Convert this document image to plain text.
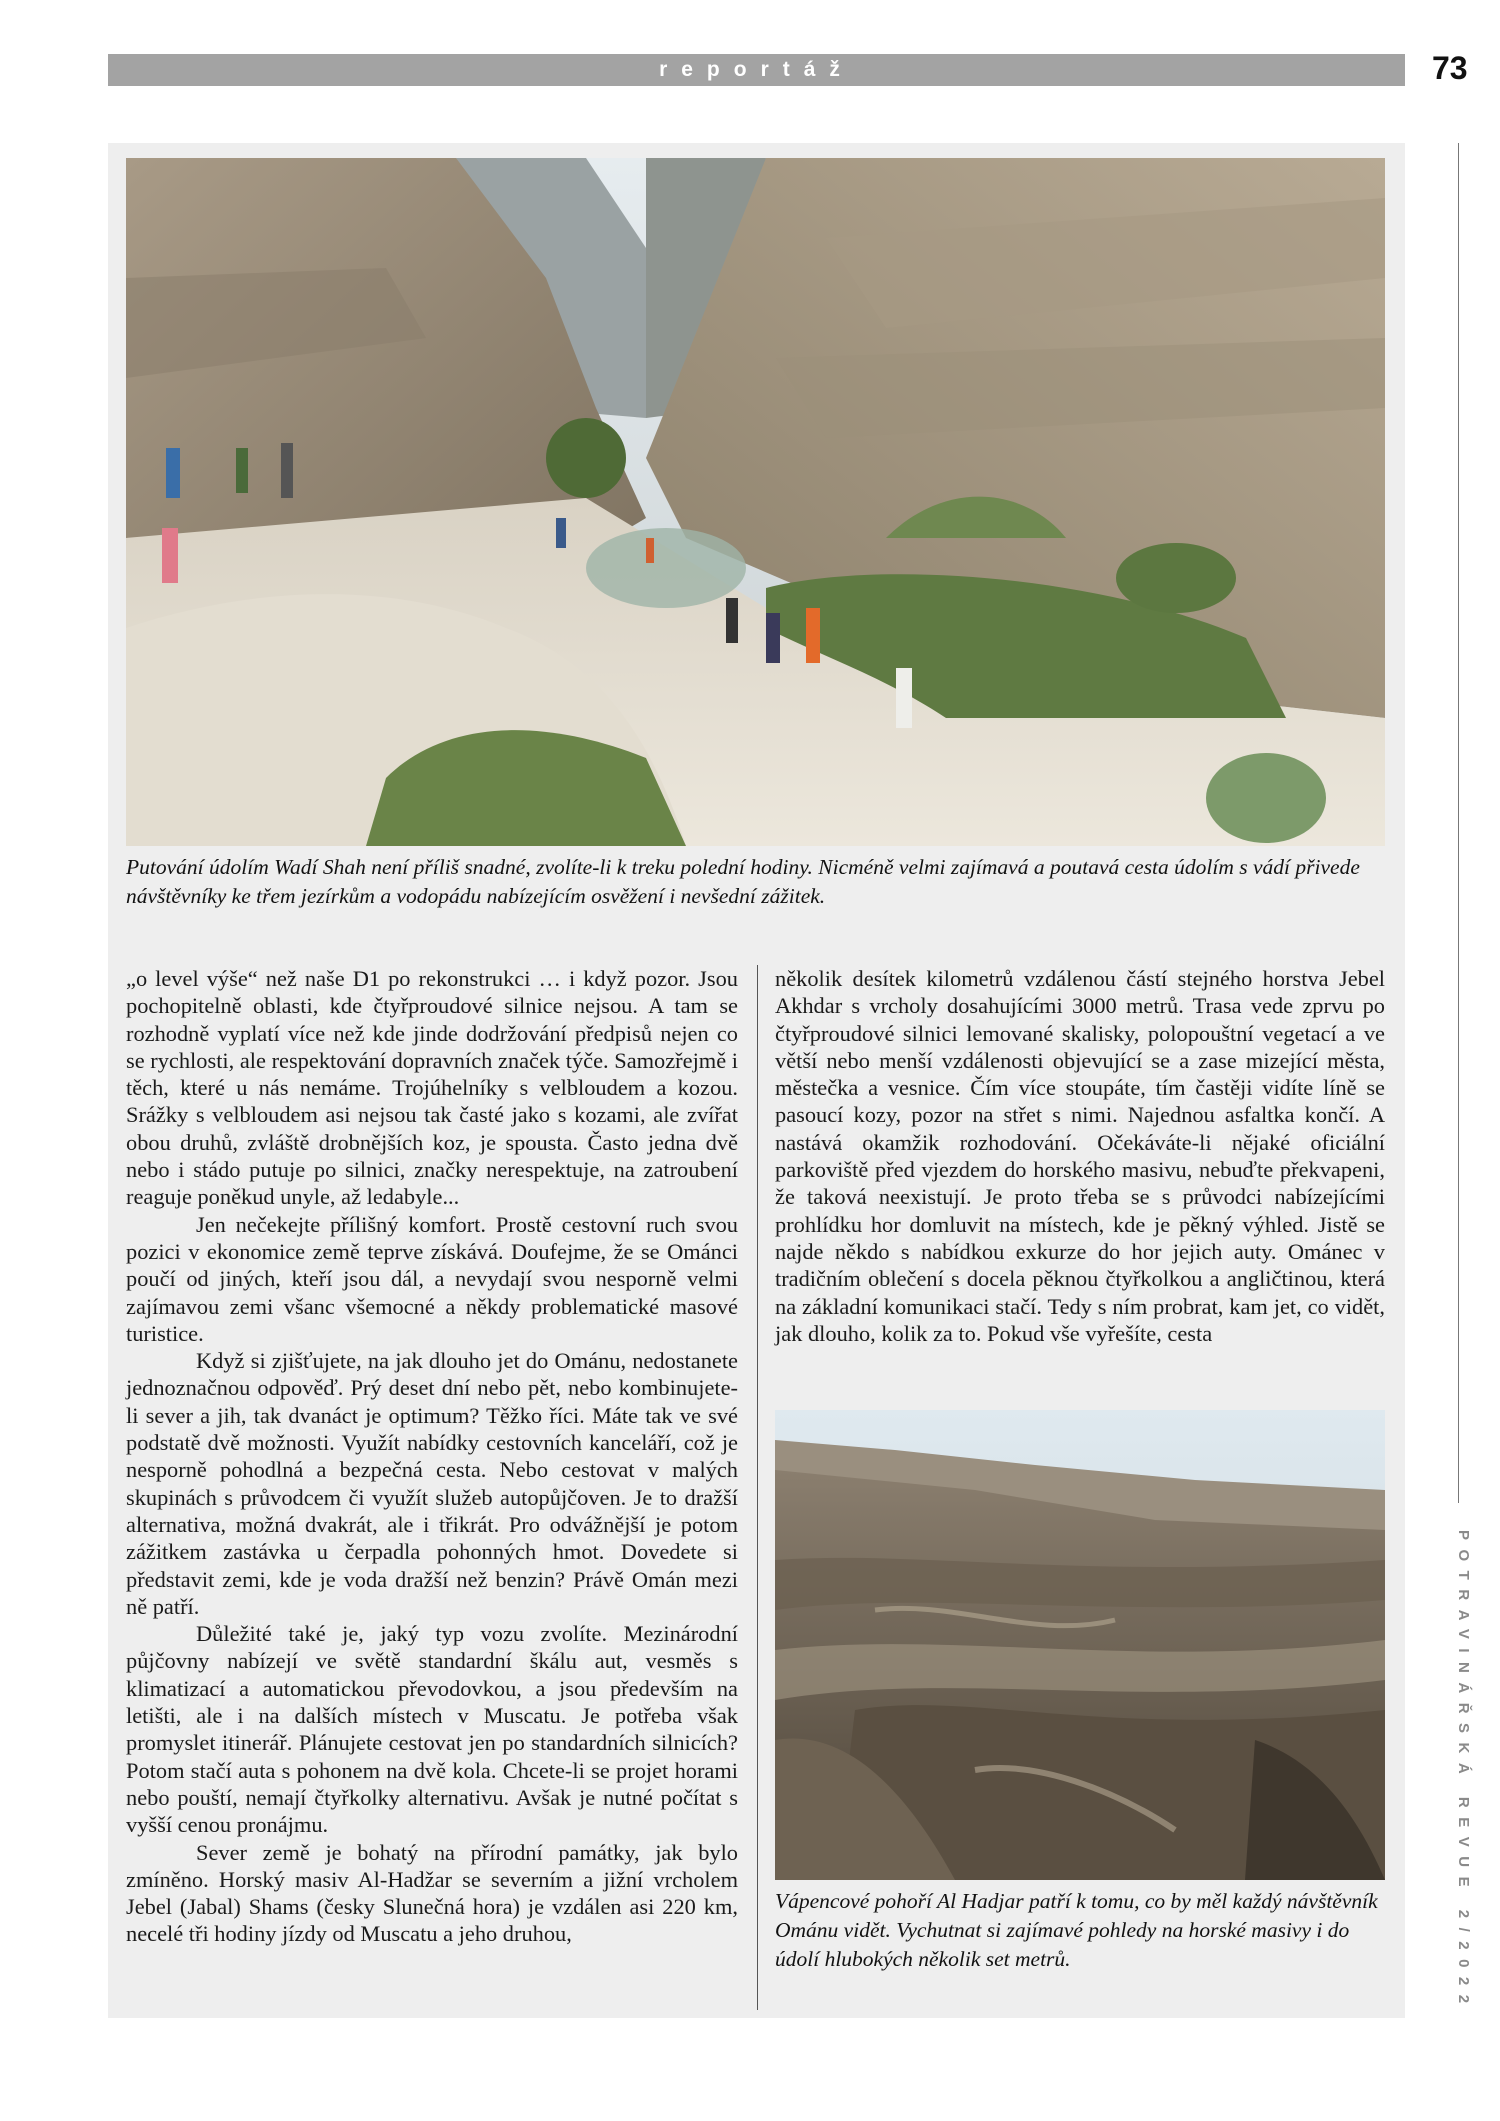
reportáž	73
POTRAVINÁŘSKÁ REVUE 2/2022
Putování údolím Wadí Shah není příliš snadné, zvolíte-li k treku polední hodiny. Nicméně velmi zajímavá a poutavá cesta údolím s vádí přivede návštěvníky ke třem jezírkům a vodopádu nabízejícím osvěžení i nevšední zážitek.

„o level výše“ než naše D1 po rekonstrukci … i když pozor. Jsou pochopitelně oblasti, kde čtyřproudové silnice nejsou. A tam se rozhodně vyplatí více než kde jinde dodržování předpisů nejen co se rychlosti, ale respektování dopravních značek týče. Samozřejmě i těch, které u nás nemáme. Trojúhelníky s velbloudem a kozou. Srážky s velbloudem asi nejsou tak časté jako s kozami, ale zvířat obou druhů, zvláště drobnějších koz, je spousta. Často jedna dvě nebo i stádo putuje po silnici, značky nerespektuje, na zatroubení reaguje poněkud unyle, až ledabyle...

Jen nečekejte přílišný komfort. Prostě cestovní ruch svou pozici v ekonomice země teprve získává. Doufejme, že se Ománci poučí od jiných, kteří jsou dál, a nevydají svou nesporně velmi zajímavou zemi všanc všemocné a někdy problematické masové turistice.

Když si zjišťujete, na jak dlouho jet do Ománu, nedostanete jednoznačnou odpověď. Prý deset dní nebo pět, nebo kombinujete-li sever a jih, tak dvanáct je optimum? Těžko říci. Máte tak ve své podstatě dvě možnosti. Využít nabídky cestovních kanceláří, což je nesporně pohodlná a bezpečná cesta. Nebo cestovat v malých skupinách s průvodcem či využít služeb autopůjčoven. Je to dražší alternativa, možná dvakrát, ale i třikrát. Pro odvážnější je potom zážitkem zastávka u čerpadla pohonných hmot. Dovedete si představit zemi, kde je voda dražší než benzin? Právě Omán mezi ně patří.

Důležité také je, jaký typ vozu zvolíte. Mezinárodní půjčovny nabízejí ve světě standardní škálu aut, vesměs s klimatizací a automatickou převodovkou, a jsou především na letišti, ale i na dalších místech v Muscatu. Je potřeba však promyslet itinerář. Plánujete cestovat jen po standardních silnicích? Potom stačí auta s pohonem na dvě kola. Chcete-li se projet horami nebo pouští, nemají čtyřkolky alternativu. Avšak je nutné počítat s vyšší cenou pronájmu.

Sever země je bohatý na přírodní památky, jak bylo zmíněno. Horský masiv Al-Hadžar se severním a jižní vrcholem Jebel (Jabal) Shams (česky Slunečná hora) je vzdálen asi 220 km, necelé tři hodiny jízdy od Muscatu a jeho druhou,

několik desítek kilometrů vzdálenou částí stejného horstva Jebel Akhdar s vrcholy dosahujícími 3000 metrů. Trasa vede zprvu po čtyřproudové silnici lemované skalisky, polopouštní vegetací a ve větší nebo menší vzdálenosti objevující se a zase mizející města, městečka a vesnice. Čím více stoupáte, tím častěji vidíte líně se pasoucí kozy, pozor na střet s nimi. Najednou asfaltka končí. A nastává okamžik rozhodování. Očekáváte-li nějaké oficiální parkoviště před vjezdem do horského masivu, nebuďte překvapeni, že taková neexistují. Je proto třeba se s průvodci nabízejícími prohlídku hor domluvit na místech, kde je pěkný výhled. Jistě se najde někdo s nabídkou exkurze do hor jejich auty. Ománec v tradičním oblečení s docela pěknou čtyřkolkou a angličtinou, která na základní komunikaci stačí. Tedy s ním probrat, kam jet, co vidět, jak dlouho, kolik za to. Pokud vše vyřešíte, cesta

Vápencové pohoří Al Hadjar patří k tomu, co by měl každý návštěvník Ománu vidět. Vychutnat si zajímavé pohledy na horské masivy i do údolí hlubokých několik set metrů.
